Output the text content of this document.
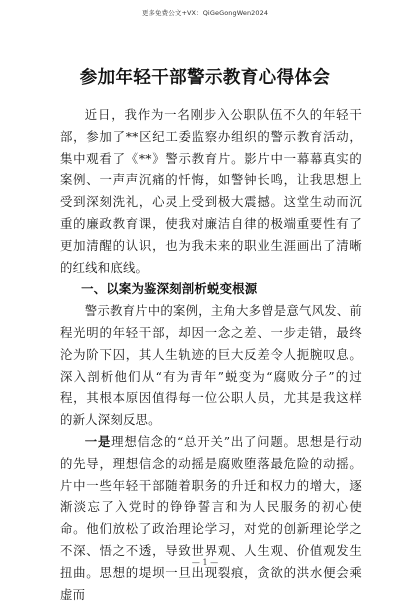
更多免费公文+VX：QiGeGongWen2024
参加年轻干部警示教育心得体会

近日，我作为一名刚步入公职队伍不久的年轻干部，参加了**区纪工委监察办组织的警示教育活动，集中观看了《**》警示教育片。影片中一幕幕真实的案例、一声声沉痛的忏悔，如警钟长鸣，让我思想上受到深刻洗礼，心灵上受到极大震撼。这堂生动而沉重的廉政教育课，使我对廉洁自律的极端重要性有了更加清醒的认识，也为我未来的职业生涯画出了清晰的红线和底线。

一、以案为鉴深刻剖析蜕变根源

警示教育片中的案例，主角大多曾是意气风发、前程光明的年轻干部，却因一念之差、一步走错，最终沦为阶下囚，其人生轨迹的巨大反差令人扼腕叹息。深入剖析他们从“有为青年”蜕变为“腐败分子”的过程，其根本原因值得每一位公职人员，尤其是我这样的新人深刻反思。

一是理想信念的“总开关”出了问题。思想是行动的先导，理想信念的动摇是腐败堕落最危险的动摇。片中一些年轻干部随着职务的升迁和权力的增大，逐渐淡忘了入党时的铮铮誓言和为人民服务的初心使命。他们放松了政治理论学习，对党的创新理论学之不深、悟之不透，导致世界观、人生观、价值观发生扭曲。思想的堤坝一旦出现裂痕，贪欲的洪水便会乘虚而

— 1 —
